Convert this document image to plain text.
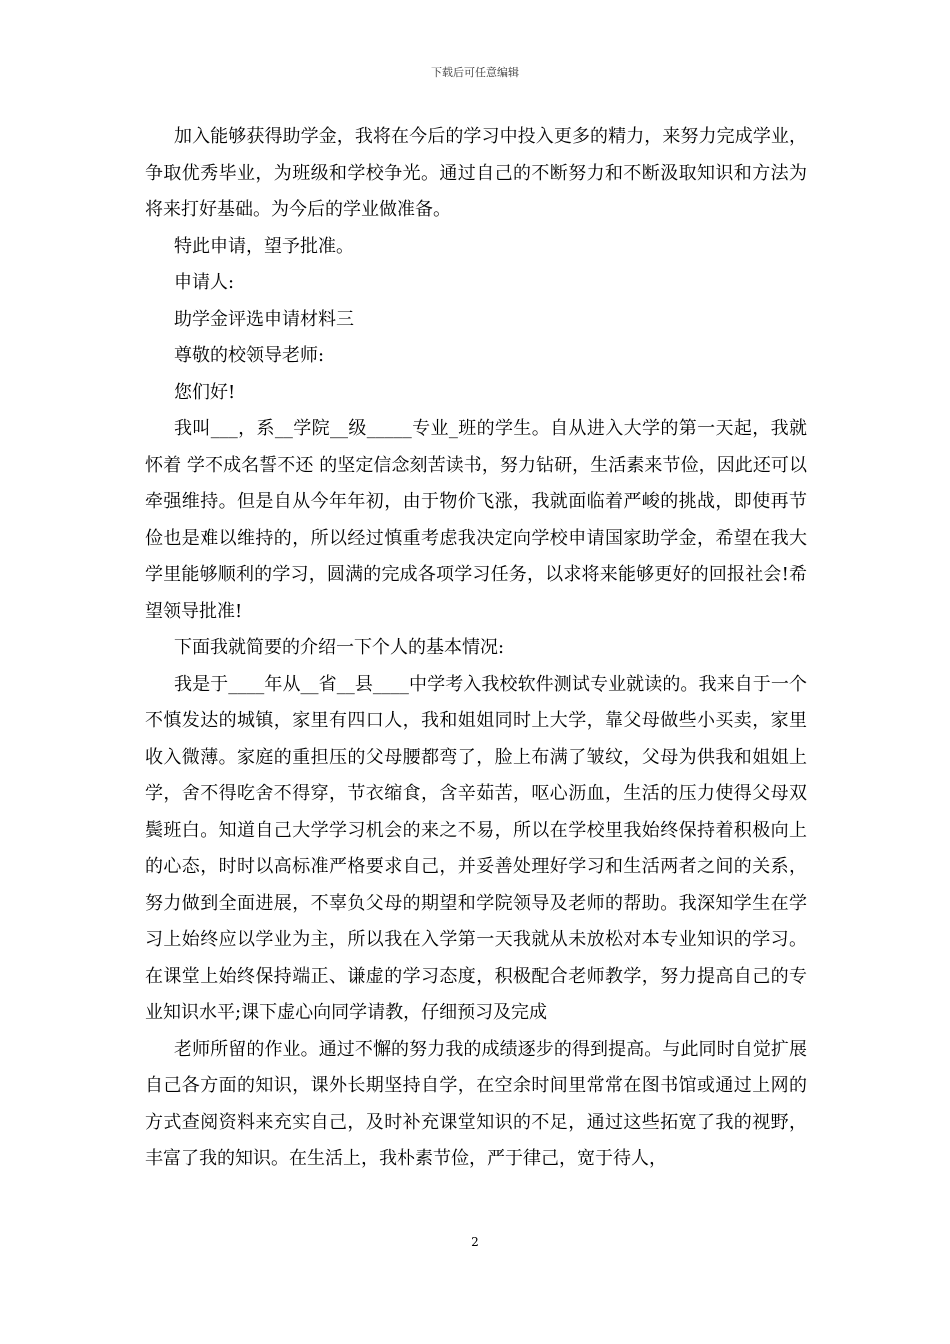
下载后可任意编辑

加入能够获得助学金，我将在今后的学习中投入更多的精力，来努力完成学业，争取优秀毕业，为班级和学校争光。通过自己的不断努力和不断汲取知识和方法为将来打好基础。为今后的学业做准备。

特此申请，望予批准。

申请人:

助学金评选申请材料三

尊敬的校领导老师:

您们好!

我叫___，系__学院__级_____专业_班的学生。自从进入大学的第一天起，我就怀着 学不成名誓不还 的坚定信念刻苦读书，努力钻研，生活素来节俭，因此还可以牵强维持。但是自从今年年初，由于物价飞涨，我就面临着严峻的挑战，即使再节俭也是难以维持的，所以经过慎重考虑我决定向学校申请国家助学金，希望在我大学里能够顺利的学习，圆满的完成各项学习任务，以求将来能够更好的回报社会!希望领导批准!

下面我就简要的介绍一下个人的基本情况:

我是于____年从__省__县____中学考入我校软件测试专业就读的。我来自于一个不慎发达的城镇，家里有四口人，我和姐姐同时上大学，靠父母做些小买卖，家里收入微薄。家庭的重担压的父母腰都弯了，脸上布满了皱纹，父母为供我和姐姐上学，舍不得吃舍不得穿，节衣缩食，含辛茹苦，呕心沥血，生活的压力使得父母双鬓班白。知道自己大学学习机会的来之不易，所以在学校里我始终保持着积极向上的心态，时时以高标准严格要求自己，并妥善处理好学习和生活两者之间的关系，努力做到全面进展，不辜负父母的期望和学院领导及老师的帮助。我深知学生在学习上始终应以学业为主，所以我在入学第一天我就从未放松对本专业知识的学习。在课堂上始终保持端正、谦虚的学习态度，积极配合老师教学，努力提高自己的专业知识水平;课下虚心向同学请教，仔细预习及完成

老师所留的作业。通过不懈的努力我的成绩逐步的得到提高。与此同时自觉扩展自己各方面的知识，课外长期坚持自学，在空余时间里常常在图书馆或通过上网的方式查阅资料来充实自己，及时补充课堂知识的不足，通过这些拓宽了我的视野，丰富了我的知识。在生活上，我朴素节俭，严于律己，宽于待人，

2
